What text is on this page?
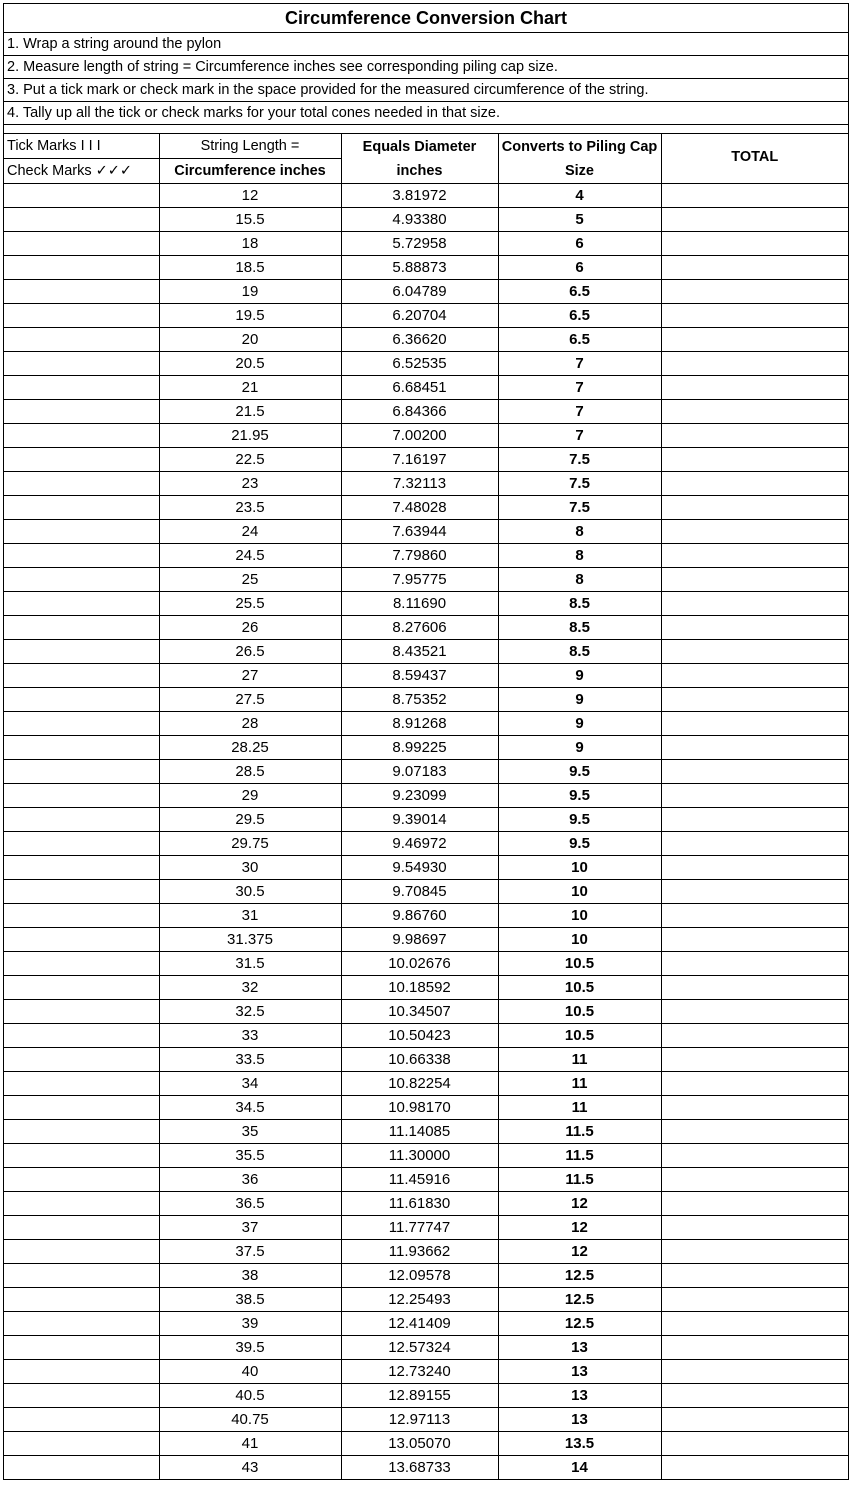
Circumference Conversion Chart
1. Wrap a string around the pylon
2. Measure length of string = Circumference inches see corresponding piling cap size.
3. Put a tick mark or check mark in the space provided for the measured circumference of the string.
4. Tally up all the tick or check marks for your total cones needed in that size.
Tick Marks I I I	String Length =	Equals Diameter inches	Converts to Piling Cap Size	TOTAL
Check Marks ✓✓✓	Circumference inches			
	12	3.81972	4	
	15.5	4.93380	5	
	18	5.72958	6	
	18.5	5.88873	6	
	19	6.04789	6.5	
	19.5	6.20704	6.5	
	20	6.36620	6.5	
	20.5	6.52535	7	
	21	6.68451	7	
	21.5	6.84366	7	
	21.95	7.00200	7	
	22.5	7.16197	7.5	
	23	7.32113	7.5	
	23.5	7.48028	7.5	
	24	7.63944	8	
	24.5	7.79860	8	
	25	7.95775	8	
	25.5	8.11690	8.5	
	26	8.27606	8.5	
	26.5	8.43521	8.5	
	27	8.59437	9	
	27.5	8.75352	9	
	28	8.91268	9	
	28.25	8.99225	9	
	28.5	9.07183	9.5	
	29	9.23099	9.5	
	29.5	9.39014	9.5	
	29.75	9.46972	9.5	
	30	9.54930	10	
	30.5	9.70845	10	
	31	9.86760	10	
	31.375	9.98697	10	
	31.5	10.02676	10.5	
	32	10.18592	10.5	
	32.5	10.34507	10.5	
	33	10.50423	10.5	
	33.5	10.66338	11	
	34	10.82254	11	
	34.5	10.98170	11	
	35	11.14085	11.5	
	35.5	11.30000	11.5	
	36	11.45916	11.5	
	36.5	11.61830	12	
	37	11.77747	12	
	37.5	11.93662	12	
	38	12.09578	12.5	
	38.5	12.25493	12.5	
	39	12.41409	12.5	
	39.5	12.57324	13	
	40	12.73240	13	
	40.5	12.89155	13	
	40.75	12.97113	13	
	41	13.05070	13.5	
	43	13.68733	14	
